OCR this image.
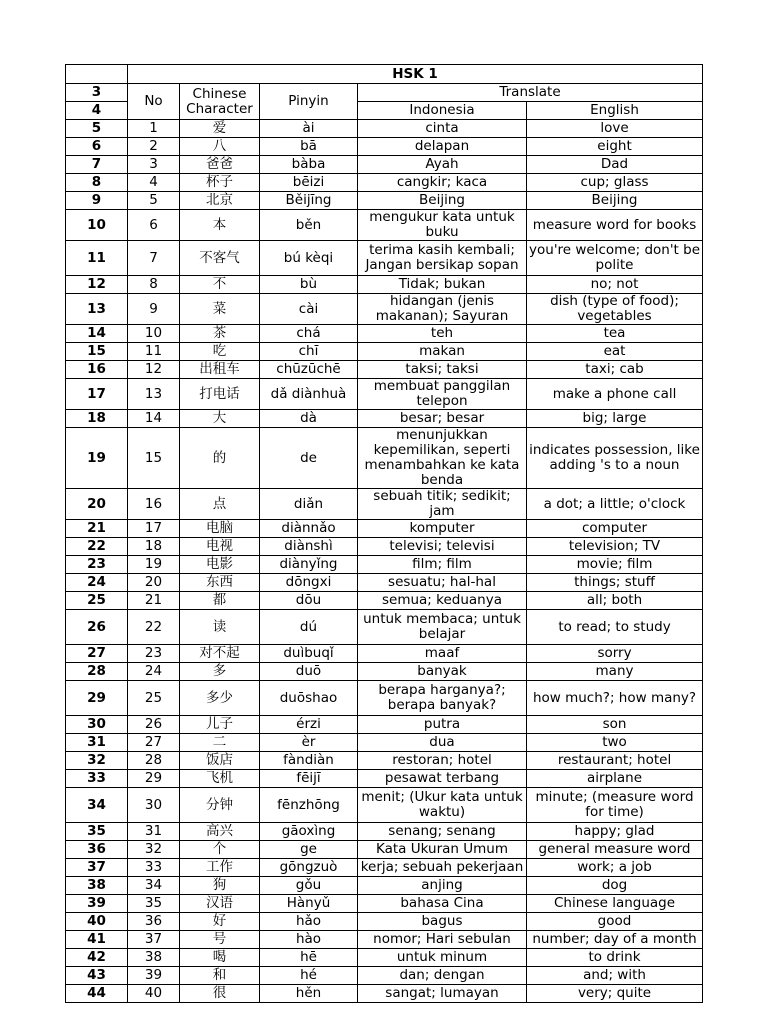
	HSK 1				
3	No	Chinese Character	Pinyin	Translate	
4				Indonesia	English
5	1	爱	ài	cinta	love
6	2	八	bā	delapan	eight
7	3	爸爸	bàba	Ayah	Dad
8	4	杯子	bēizi	cangkir; kaca	cup; glass
9	5	北京	Běijīng	Beijing	Beijing
10	6	本	běn	mengukur kata untuk buku	measure word for books
11	7	不客气	bú kèqi	terima kasih kembali; Jangan bersikap sopan	you're welcome; don't be polite
12	8	不	bù	Tidak; bukan	no; not
13	9	菜	cài	hidangan (jenis makanan); Sayuran	dish (type of food); vegetables
14	10	茶	chá	teh	tea
15	11	吃	chī	makan	eat
16	12	出租车	chūzūchē	taksi; taksi	taxi; cab
17	13	打电话	dǎ diànhuà	membuat panggilan telepon	make a phone call
18	14	大	dà	besar; besar	big; large
19	15	的	de	menunjukkan kepemilikan, seperti menambahkan ke kata benda	indicates possession, like adding 's to a noun
20	16	点	diǎn	sebuah titik; sedikit; jam	a dot; a little; o'clock
21	17	电脑	diànnǎo	komputer	computer
22	18	电视	diànshì	televisi; televisi	television; TV
23	19	电影	diànyǐng	film; film	movie; film
24	20	东西	dōngxi	sesuatu; hal-hal	things; stuff
25	21	都	dōu	semua; keduanya	all; both
26	22	读	dú	untuk membaca; untuk belajar	to read; to study
27	23	对不起	duìbuqǐ	maaf	sorry
28	24	多	duō	banyak	many
29	25	多少	duōshao	berapa harganya?; berapa banyak?	how much?; how many?
30	26	儿子	érzi	putra	son
31	27	二	èr	dua	two
32	28	饭店	fàndiàn	restoran; hotel	restaurant; hotel
33	29	飞机	fēijī	pesawat terbang	airplane
34	30	分钟	fēnzhōng	menit; (Ukur kata untuk waktu)	minute; (measure word for time)
35	31	高兴	gāoxìng	senang; senang	happy; glad
36	32	个	ge	Kata Ukuran Umum	general measure word
37	33	工作	gōngzuò	kerja; sebuah pekerjaan	work; a job
38	34	狗	gǒu	anjing	dog
39	35	汉语	Hànyǔ	bahasa Cina	Chinese language
40	36	好	hǎo	bagus	good
41	37	号	hào	nomor; Hari sebulan	number; day of a month
42	38	喝	hē	untuk minum	to drink
43	39	和	hé	dan; dengan	and; with
44	40	很	hěn	sangat; lumayan	very; quite
